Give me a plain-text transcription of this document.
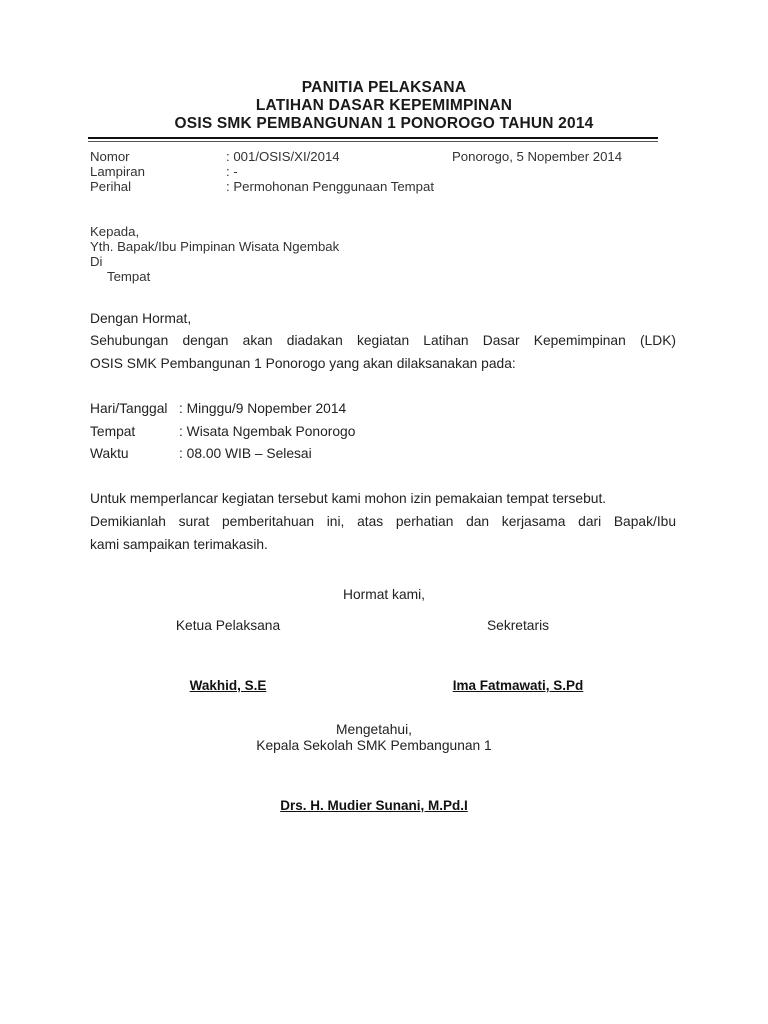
PANITIA PELAKSANA
LATIHAN DASAR KEPEMIMPINAN
OSIS SMK PEMBANGUNAN 1 PONOROGO TAHUN 2014
Nomor	: 001/OSIS/XI/2014	Ponorogo, 5 Nopember 2014
Lampiran	: -
Perihal	: Permohonan Penggunaan Tempat
Kepada,
Yth. Bapak/Ibu Pimpinan Wisata Ngembak
Di
Tempat
Dengan Hormat,
Sehubungan dengan akan diadakan kegiatan Latihan Dasar Kepemimpinan (LDK)
OSIS SMK Pembangunan 1 Ponorogo yang akan dilaksanakan pada:
Hari/Tanggal : Minggu/9 Nopember 2014
Tempat	: Wisata Ngembak Ponorogo
Waktu	: 08.00 WIB – Selesai
Untuk memperlancar kegiatan tersebut kami mohon izin pemakaian tempat tersebut.
Demikianlah surat pemberitahuan ini, atas perhatian dan kerjasama dari Bapak/Ibu
kami sampaikan terimakasih.
Hormat kami,
Ketua Pelaksana	Sekretaris
Wakhid, S.E	Ima Fatmawati, S.Pd
Mengetahui,
Kepala Sekolah SMK Pembangunan 1
Drs. H. Mudier Sunani, M.Pd.I
